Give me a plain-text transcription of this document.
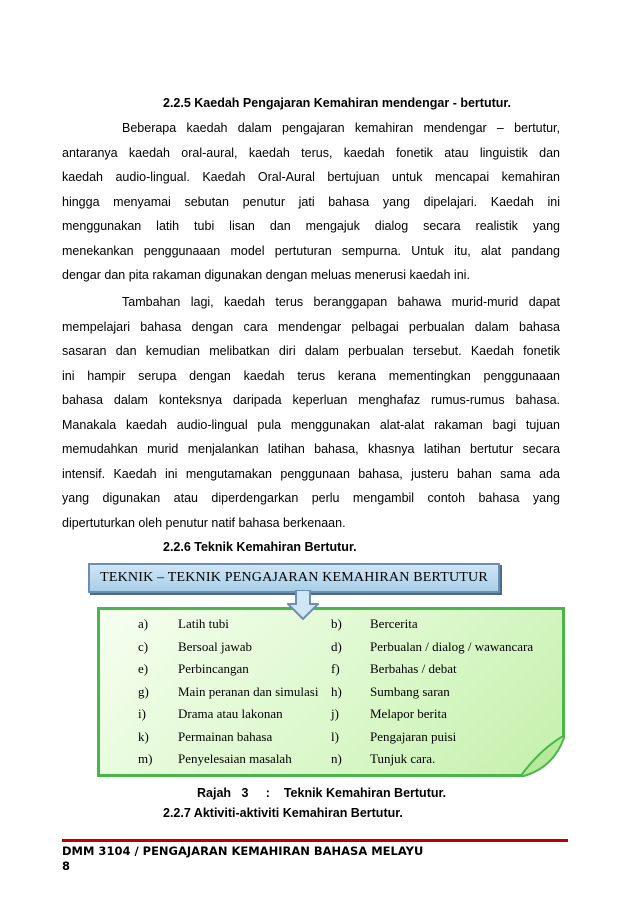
2.2.5 Kaedah Pengajaran Kemahiran mendengar - bertutur.
Beberapa kaedah dalam pengajaran kemahiran mendengar – bertutur,
antaranya kaedah oral-aural, kaedah terus, kaedah fonetik atau linguistik dan
kaedah audio-lingual. Kaedah Oral-Aural bertujuan untuk mencapai kemahiran
hingga menyamai sebutan penutur jati bahasa yang dipelajari. Kaedah ini
menggunakan latih tubi lisan dan mengajuk dialog secara realistik yang
menekankan penggunaaan model pertuturan sempurna. Untuk itu, alat pandang
dengar dan pita rakaman digunakan dengan meluas menerusi kaedah ini.
Tambahan lagi, kaedah terus beranggapan bahawa murid-murid dapat
mempelajari bahasa dengan cara mendengar pelbagai perbualan dalam bahasa
sasaran dan kemudian melibatkan diri dalam perbualan tersebut. Kaedah fonetik
ini hampir serupa dengan kaedah terus kerana mementingkan penggunaaan
bahasa dalam konteksnya daripada keperluan menghafaz rumus-rumus bahasa.
Manakala kaedah audio-lingual pula menggunakan alat-alat rakaman bagi tujuan
memudahkan murid menjalankan latihan bahasa, khasnya latihan bertutur secara
intensif. Kaedah ini mengutamakan penggunaan bahasa, justeru bahan sama ada
yang digunakan atau diperdengarkan perlu mengambil contoh bahasa yang
dipertuturkan oleh penutur natif bahasa berkenaan.
2.2.6 Teknik Kemahiran Bertutur.
TEKNIK – TEKNIK PENGAJARAN KEMAHIRAN BERTUTUR
a) Latih tubi	b) Bercerita
c) Bersoal jawab	d) Perbualan / dialog / wawancara
e) Perbincangan	f) Berbahas / debat
g) Main peranan dan simulasi h) Sumbang saran
i) Drama atau lakonan	j) Melapor berita
k) Permainan bahasa	l) Pengajaran puisi
m) Penyelesaian masalah	n) Tunjuk cara.
Rajah   3     :    Teknik Kemahiran Bertutur.
2.2.7 Aktiviti-aktiviti Kemahiran Bertutur.
DMM 3104 / PENGAJARAN KEMAHIRAN BAHASA MELAYU
8
